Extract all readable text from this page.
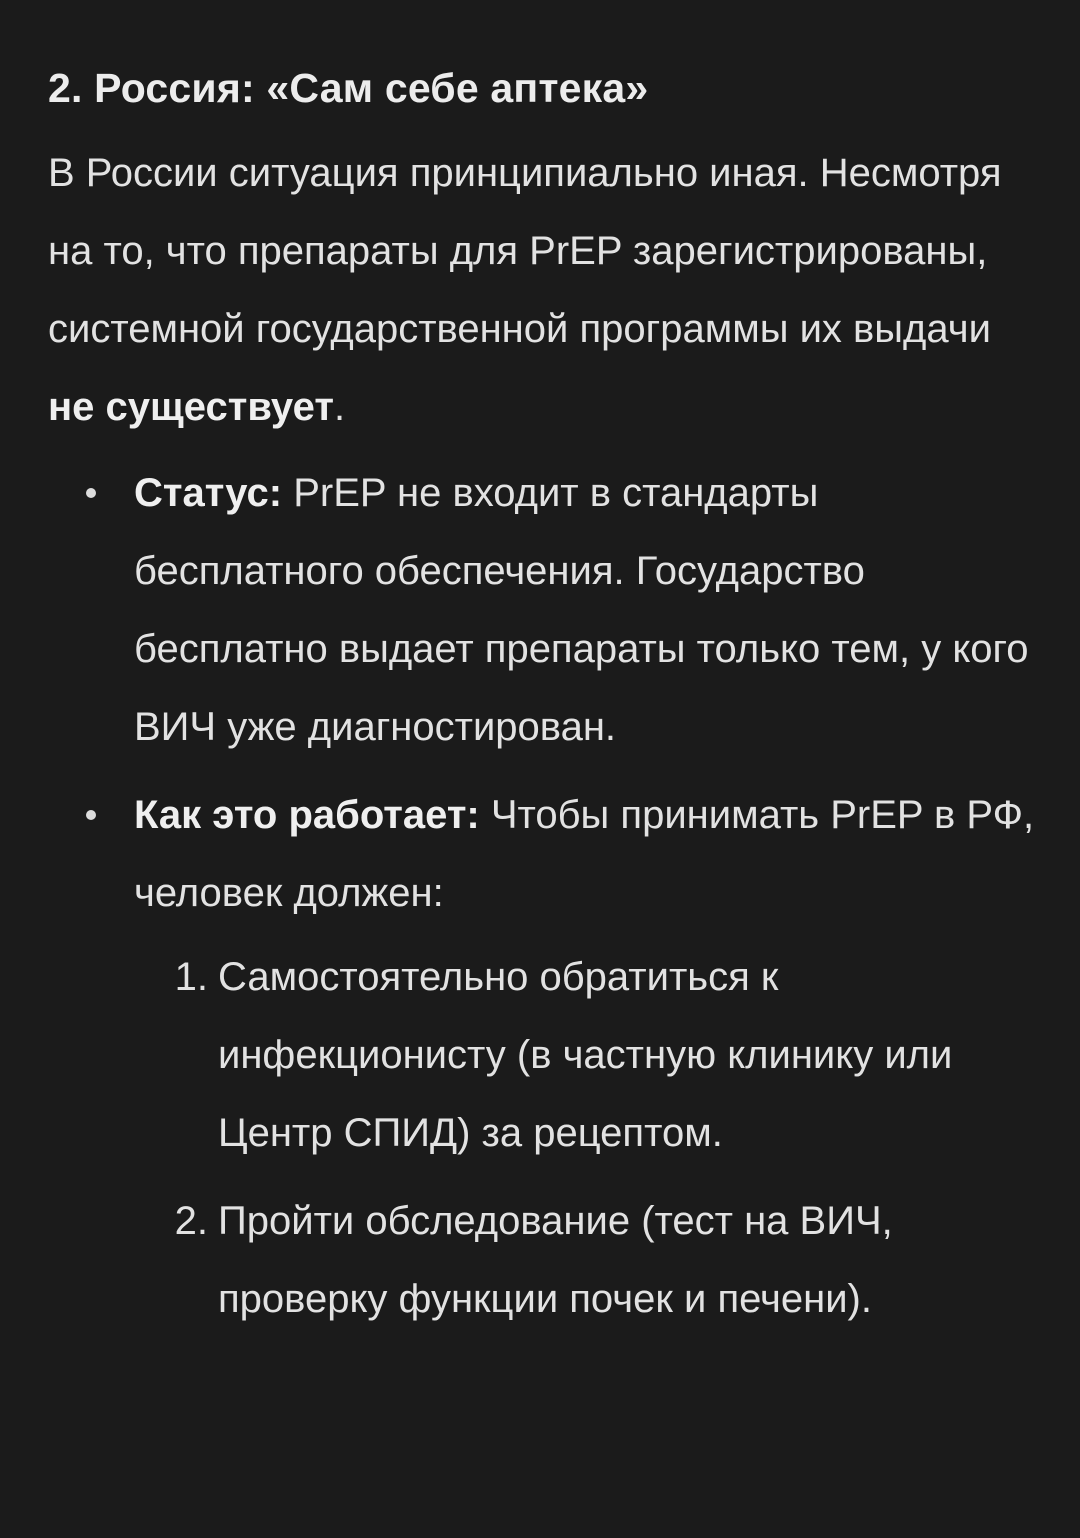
2. Россия: «Сам себе аптека»

В России ситуация принципиально иная. Несмотря на то, что препараты для PrEP зарегистрированы, системной государственной программы их выдачи не существует.

Статус: PrEP не входит в стандарты бесплатного обеспечения. Государство бесплатно выдает препараты только тем, у кого ВИЧ уже диагностирован.
Как это работает: Чтобы принимать PrEP в РФ, человек должен:
1. Самостоятельно обратиться к инфекционисту (в частную клинику или Центр СПИД) за рецептом.
2. Пройти обследование (тест на ВИЧ, проверку функции почек и печени).
